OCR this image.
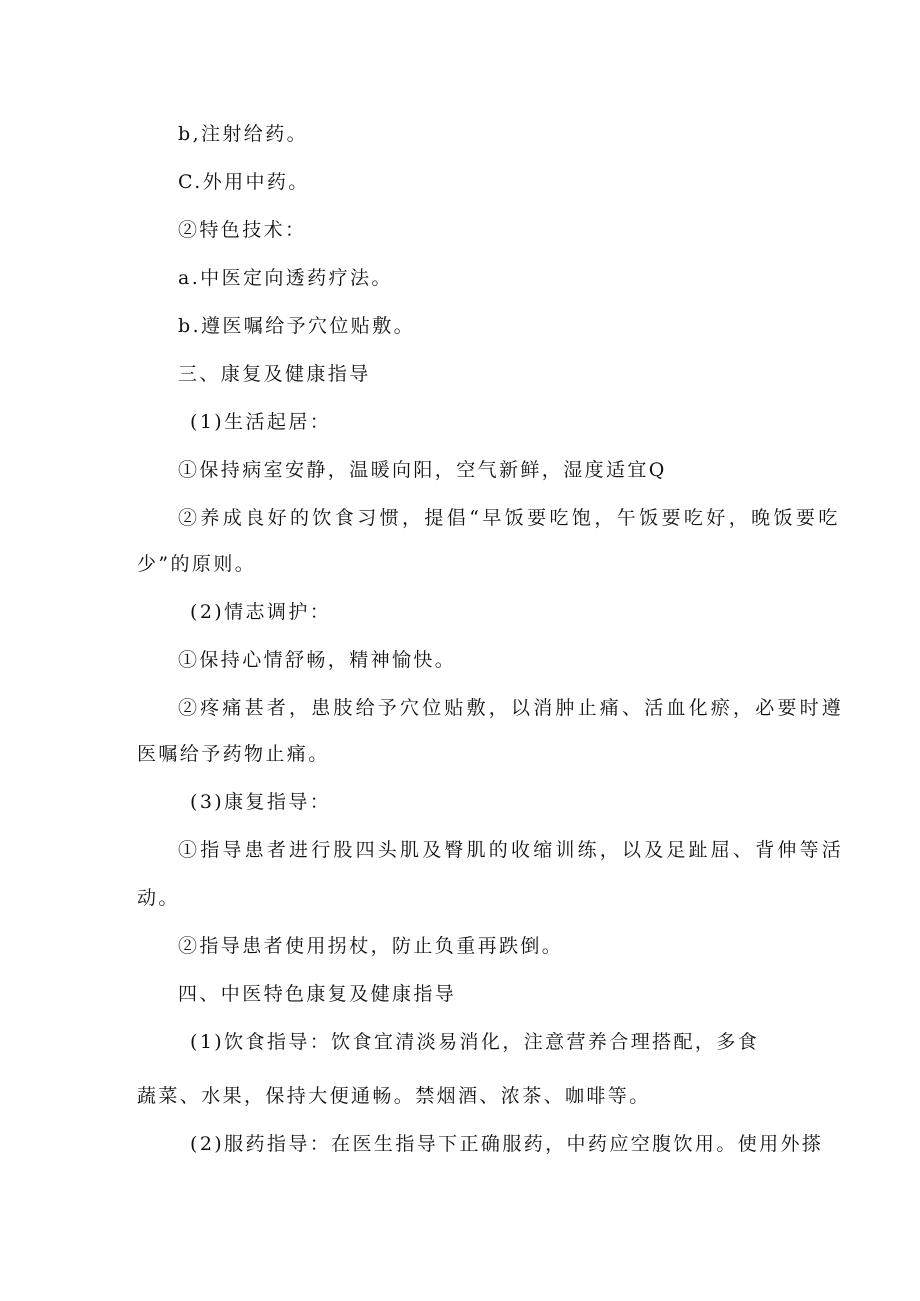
b,注射给药。
C.外用中药。
②特色技术：
a.中医定向透药疗法。
b.遵医嘱给予穴位贴敷。
三、康复及健康指导
(1)生活起居：
①保持病室安静，温暖向阳，空气新鲜，湿度适宜Q
②养成良好的饮食习惯，提倡“早饭要吃饱，午饭要吃好，晚饭要吃
少”的原则。
(2)情志调护：
①保持心情舒畅，精神愉快。
②疼痛甚者，患肢给予穴位贴敷，以消肿止痛、活血化瘀，必要时遵
医嘱给予药物止痛。
(3)康复指导：
①指导患者进行股四头肌及臀肌的收缩训练，以及足趾屈、背伸等活
动。
②指导患者使用拐杖，防止负重再跌倒。
四、中医特色康复及健康指导
(1)饮食指导：饮食宜清淡易消化，注意营养合理搭配，多食
蔬菜、水果，保持大便通畅。禁烟酒、浓茶、咖啡等。
(2)服药指导：在医生指导下正确服药，中药应空腹饮用。使用外搽
